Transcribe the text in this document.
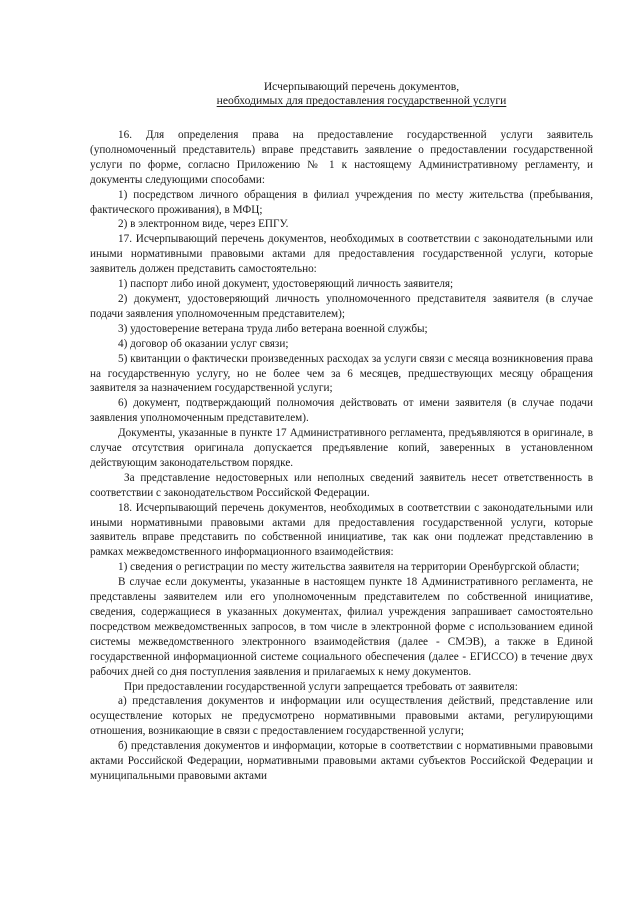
Исчерпывающий перечень документов,
необходимых для предоставления государственной услуги

16. Для определения права на предоставление государственной услуги заявитель (уполномоченный представитель) вправе представить заявление о предоставлении государственной услуги по форме, согласно Приложению № 1 к настоящему Административному регламенту, и документы следующими способами:

1) посредством личного обращения в филиал учреждения по месту жительства (пребывания, фактического проживания), в МФЦ;

2) в электронном виде, через ЕПГУ.

17. Исчерпывающий перечень документов, необходимых в соответствии с законодательными или иными нормативными правовыми актами для предоставления государственной услуги, которые заявитель должен представить самостоятельно:

1) паспорт либо иной документ, удостоверяющий личность заявителя;

2) документ, удостоверяющий личность уполномоченного представителя заявителя (в случае подачи заявления уполномоченным представителем);

3) удостоверение ветерана труда либо ветерана военной службы;

4) договор об оказании услуг связи;

5) квитанции о фактически произведенных расходах за услуги связи с месяца возникновения права на государственную услугу, но не более чем за 6 месяцев, предшествующих месяцу обращения заявителя за назначением государственной услуги;

6) документ, подтверждающий полномочия действовать от имени заявителя (в случае подачи заявления уполномоченным представителем).

Документы, указанные в пункте 17 Административного регламента, предъявляются в оригинале, в случае отсутствия оригинала допускается предъявление копий, заверенных в установленном действующим законодательством порядке.

За представление недостоверных или неполных сведений заявитель несет ответственность в соответствии с законодательством Российской Федерации.

18. Исчерпывающий перечень документов, необходимых в соответствии с законодательными или иными нормативными правовыми актами для предоставления государственной услуги, которые заявитель вправе представить по собственной инициативе, так как они подлежат представлению в рамках межведомственного информационного взаимодействия:

1) сведения о регистрации по месту жительства заявителя на территории Оренбургской области;

В случае если документы, указанные в настоящем пункте 18 Административного регламента, не представлены заявителем или его уполномоченным представителем по собственной инициативе, сведения, содержащиеся в указанных документах, филиал учреждения запрашивает самостоятельно посредством межведомственных запросов, в том числе в электронной форме с использованием единой системы межведомственного электронного взаимодействия (далее - СМЭВ), а также в Единой государственной информационной системе социального обеспечения (далее - ЕГИССО) в течение двух рабочих дней со дня поступления заявления и прилагаемых к нему документов.

При предоставлении государственной услуги запрещается требовать от заявителя:

а) представления документов и информации или осуществления действий, представление или осуществление которых не предусмотрено нормативными правовыми актами, регулирующими отношения, возникающие в связи с предоставлением государственной услуги;

б) представления документов и информации, которые в соответствии с нормативными правовыми актами Российской Федерации, нормативными правовыми актами субъектов Российской Федерации и муниципальными правовыми актами
